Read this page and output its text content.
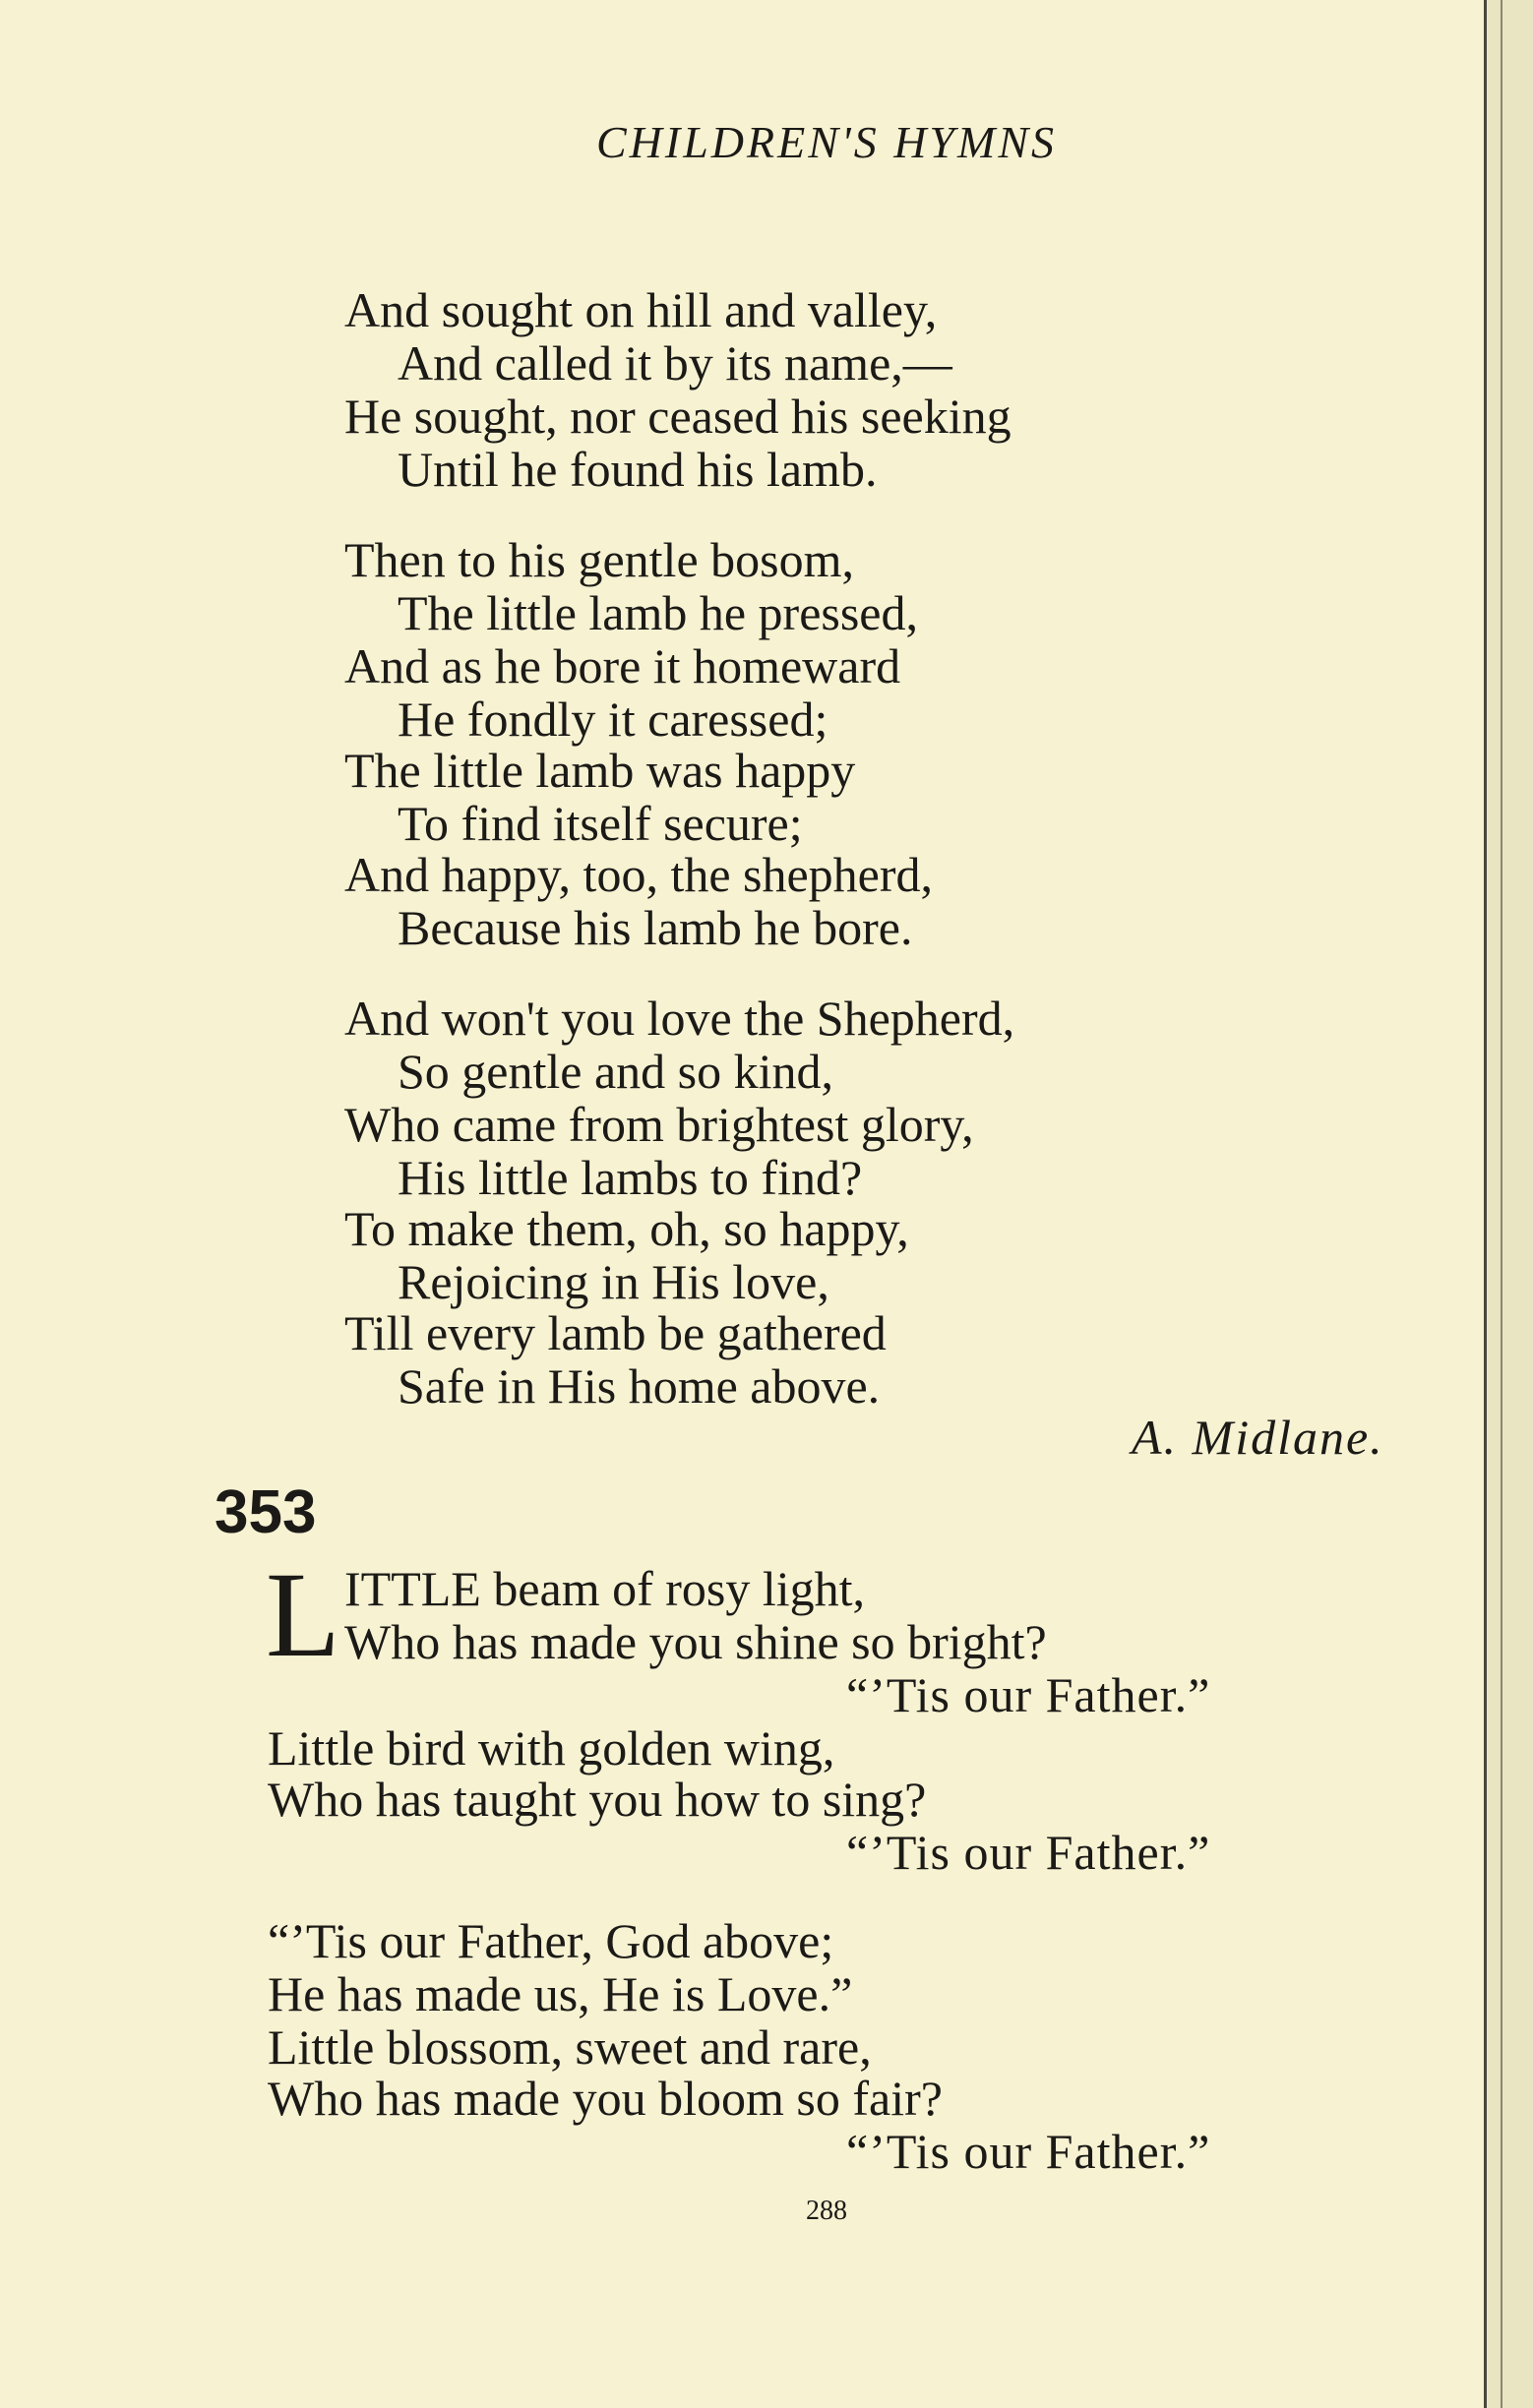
CHILDREN'S HYMNS
And sought on hill and valley,
And called it by its name,—
He sought, nor ceased his seeking
Until he found his lamb.
Then to his gentle bosom,
The little lamb he pressed,
And as he bore it homeward
He fondly it caressed;
The little lamb was happy
To find itself secure;
And happy, too, the shepherd,
Because his lamb he bore.
And won't you love the Shepherd,
So gentle and so kind,
Who came from brightest glory,
His little lambs to find?
To make them, oh, so happy,
Rejoicing in His love,
Till every lamb be gathered
Safe in His home above.
A. Midlane.
353
L ITTLE beam of rosy light,
Who has made you shine so bright?
“’Tis our Father.”
Little bird with golden wing,
Who has taught you how to sing?
“’Tis our Father.”
“’Tis our Father, God above;
He has made us, He is Love.”
Little blossom, sweet and rare,
Who has made you bloom so fair?
“’Tis our Father.”
288
